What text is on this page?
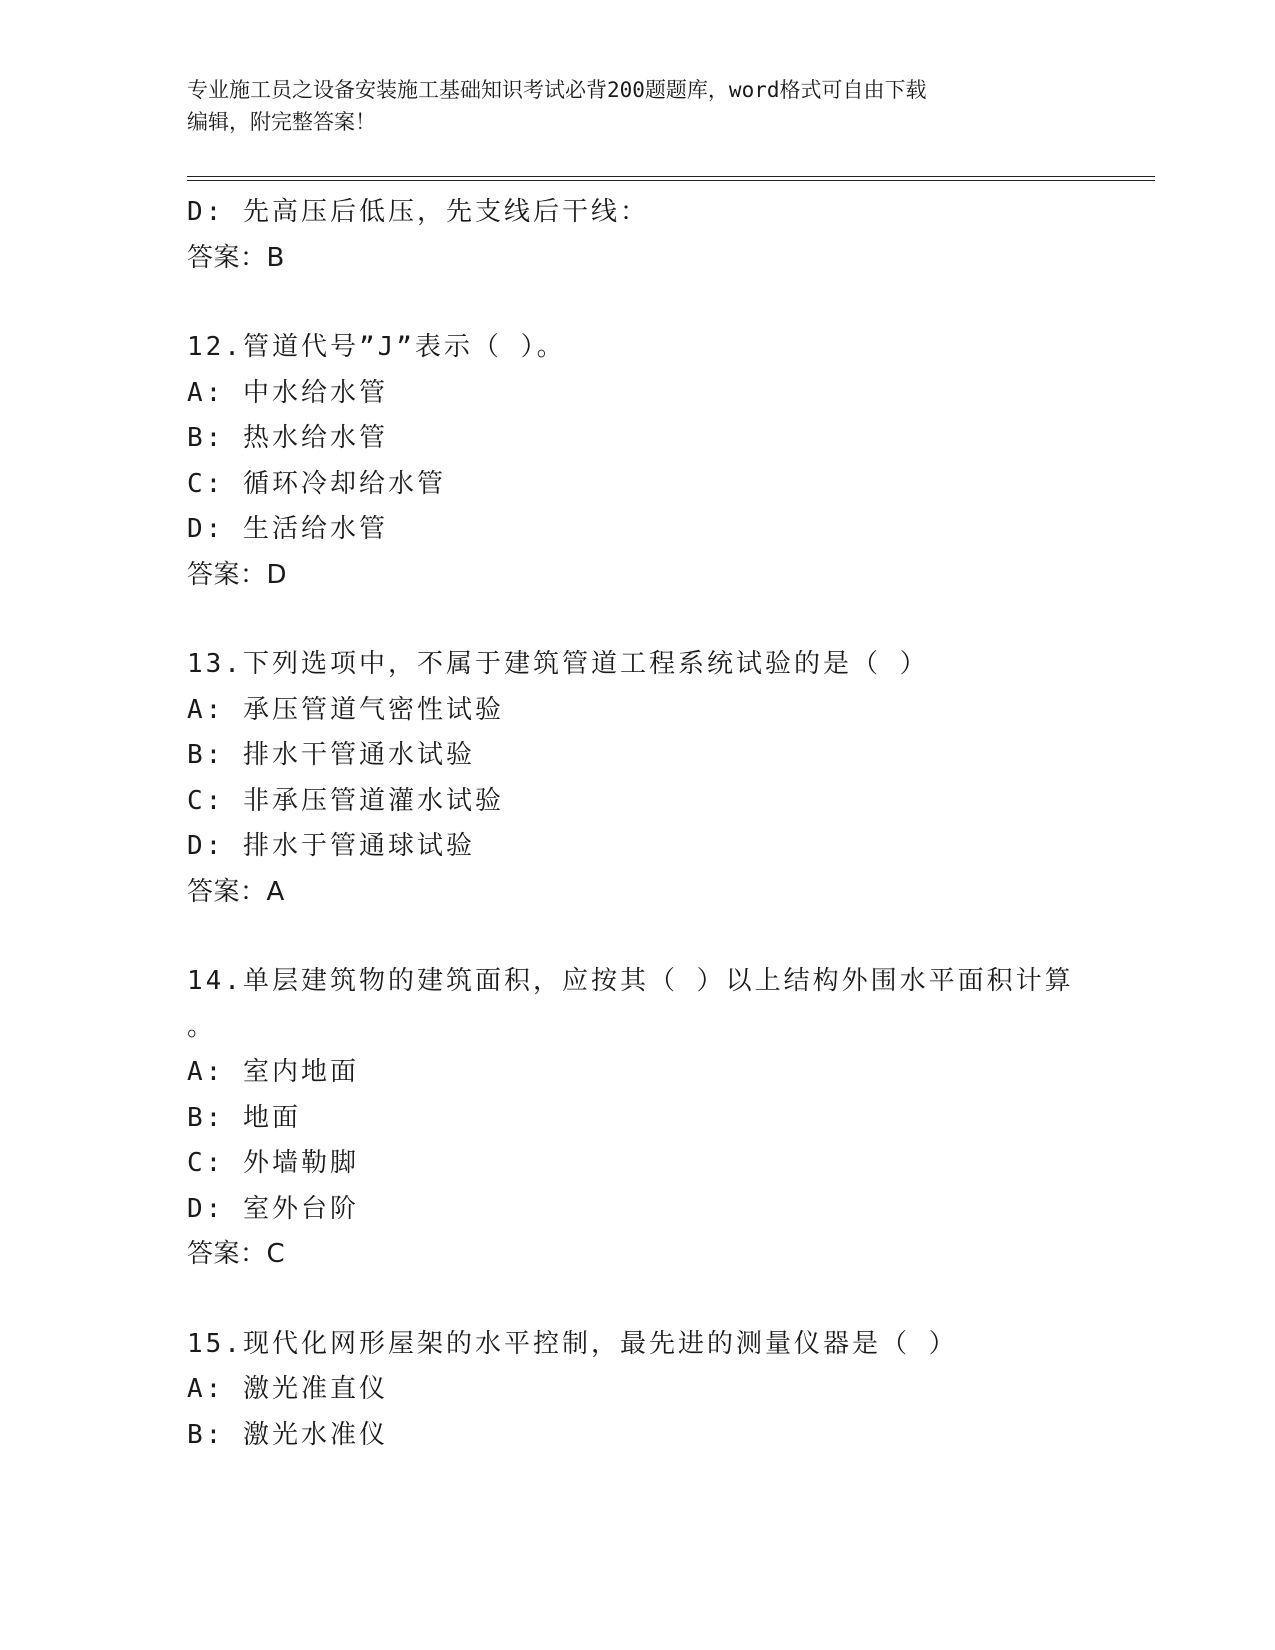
专业施工员之设备安装施工基础知识考试必背200题题库，word格式可自由下载
编辑，附完整答案！
D: 先高压后低压，先支线后干线：
答案：B
12.管道代号”J”表示（ ）。
A: 中水给水管
B: 热水给水管
C: 循环冷却给水管
D: 生活给水管
答案：D
13.下列选项中，不属于建筑管道工程系统试验的是（ ）
A: 承压管道气密性试验
B: 排水干管通水试验
C: 非承压管道灌水试验
D: 排水于管通球试验
答案：A
14.单层建筑物的建筑面积，应按其（ ）以上结构外围水平面积计算
。
A: 室内地面
B: 地面
C: 外墙勒脚
D: 室外台阶
答案：C
15.现代化网形屋架的水平控制，最先进的测量仪器是（ ）
A: 激光准直仪
B: 激光水准仪
